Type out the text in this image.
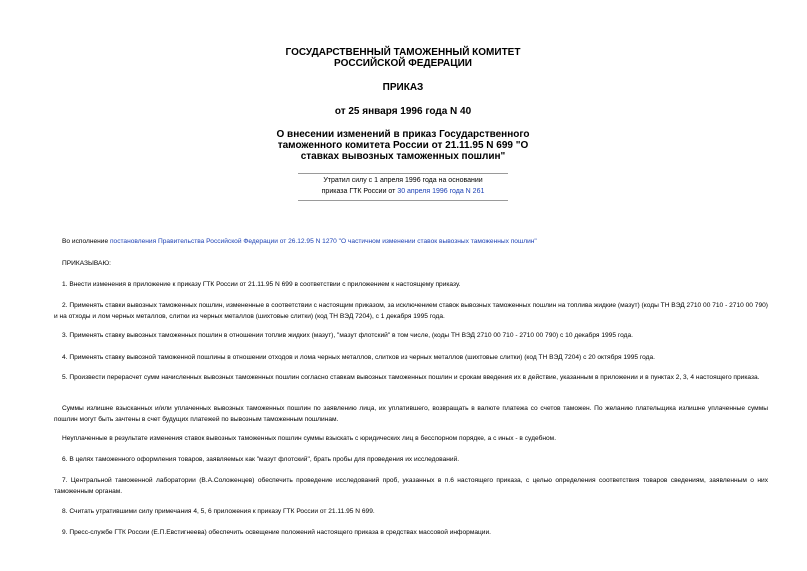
ГОСУДАРСТВЕННЫЙ ТАМОЖЕННЫЙ КОМИТЕТ
РОССИЙСКОЙ ФЕДЕРАЦИИ
ПРИКАЗ
от 25 января 1996 года N 40
О внесении изменений в приказ Государственного
таможенного комитета России от 21.11.95 N 699 "О
ставках вывозных таможенных пошлин"
Утратил силу с 1 апреля 1996 года на основании
приказа ГТК России от 30 апреля 1996 года N 261

Во исполнение постановления Правительства Российской Федерации от 26.12.95 N 1270 "О частичном изменении ставок вывозных таможенных пошлин"

ПРИКАЗЫВАЮ:

1. Внести изменения в приложение к приказу ГТК России от 21.11.95 N 699 в соответствии с приложением к настоящему приказу.

2. Применять ставки вывозных таможенных пошлин, измененные в соответствии с настоящим приказом, за исключением ставок вывозных таможенных пошлин на топлива жидкие (мазут) (коды ТН ВЭД 2710 00 710 - 2710 00 790) и на отходы и лом черных металлов, слитки из черных металлов (шихтовые слитки) (код ТН ВЭД 7204), с 1 декабря 1995 года.

3. Применять ставку вывозных таможенных пошлин в отношении топлив жидких (мазут), "мазут флотский" в том числе, (коды ТН ВЭД 2710 00 710 - 2710 00 790) с 10 декабря 1995 года.

4. Применять ставку вывозной таможенной пошлины в отношении отходов и лома черных металлов, слитков из черных металлов (шихтовые слитки) (код ТН ВЭД 7204) с 20 октября 1995 года.

5. Произвести перерасчет сумм начисленных вывозных таможенных пошлин согласно ставкам вывозных таможенных пошлин и срокам введения их в действие, указанным в приложении и в пунктах 2, 3, 4 настоящего приказа.

Суммы излишне взысканных и/или уплаченных вывозных таможенных пошлин по заявлению лица, их уплатившего, возвращать в валюте платежа со счетов таможен. По желанию плательщика излишне уплаченные суммы пошлин могут быть зачтены в счет будущих платежей по вывозным таможенным пошлинам.

Неуплаченные в результате изменения ставок вывозных таможенных пошлин суммы взыскать с юридических лиц в бесспорном порядке, а с иных - в судебном.

6. В целях таможенного оформления товаров, заявляемых как "мазут флотский", брать пробы для проведения их исследований.

7. Центральной таможенной лаборатории (В.А.Соложенцев) обеспечить проведение исследований проб, указанных в п.6 настоящего приказа, с целью определения соответствия товаров сведениям, заявленным о них таможенным органам.

8. Считать утратившими силу примечания 4, 5, 6 приложения к приказу ГТК России от 21.11.95 N 699.

9. Пресс-службе ГТК России (Е.П.Евстигнеева) обеспечить освещение положений настоящего приказа в средствах массовой информации.
